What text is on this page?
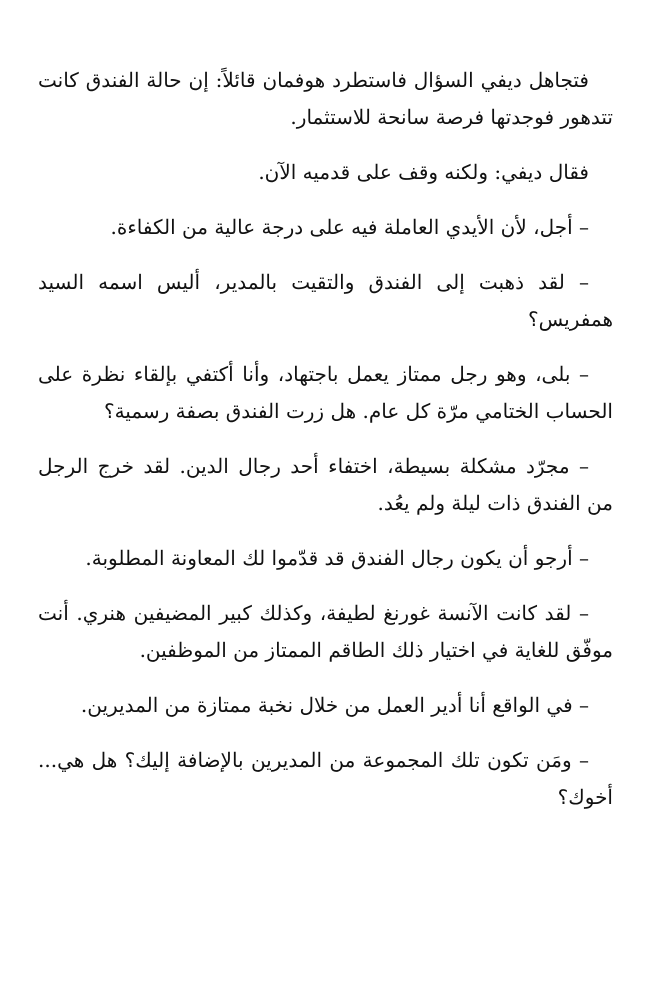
فتجاهل ديفي السؤال فاستطرد هوفمان قائلاً: إن حالة الفندق كانت تتدهور فوجدتها فرصة سانحة للاستثمار.

فقال ديفي: ولكنه وقف على قدميه الآن.

– أجل، لأن الأيدي العاملة فيه على درجة عالية من الكفاءة.

– لقد ذهبت إلى الفندق والتقيت بالمدير، أليس اسمه السيد همفريس؟

– بلى، وهو رجل ممتاز يعمل باجتهاد، وأنا أكتفي بإلقاء نظرة على الحساب الختامي مرّة كل عام. هل زرت الفندق بصفة رسمية؟

– مجرّد مشكلة بسيطة، اختفاء أحد رجال الدين. لقد خرج الرجل من الفندق ذات ليلة ولم يعُد.

– أرجو أن يكون رجال الفندق قد قدّموا لك المعاونة المطلوبة.

– لقد كانت الآنسة غورنغ لطيفة، وكذلك كبير المضيفين هنري. أنت موفّق للغاية في اختيار ذلك الطاقم الممتاز من الموظفين.

– في الواقع أنا أدير العمل من خلال نخبة ممتازة من المديرين.

– ومَن تكون تلك المجموعة من المديرين بالإضافة إليك؟ هل هي... أخوك؟
